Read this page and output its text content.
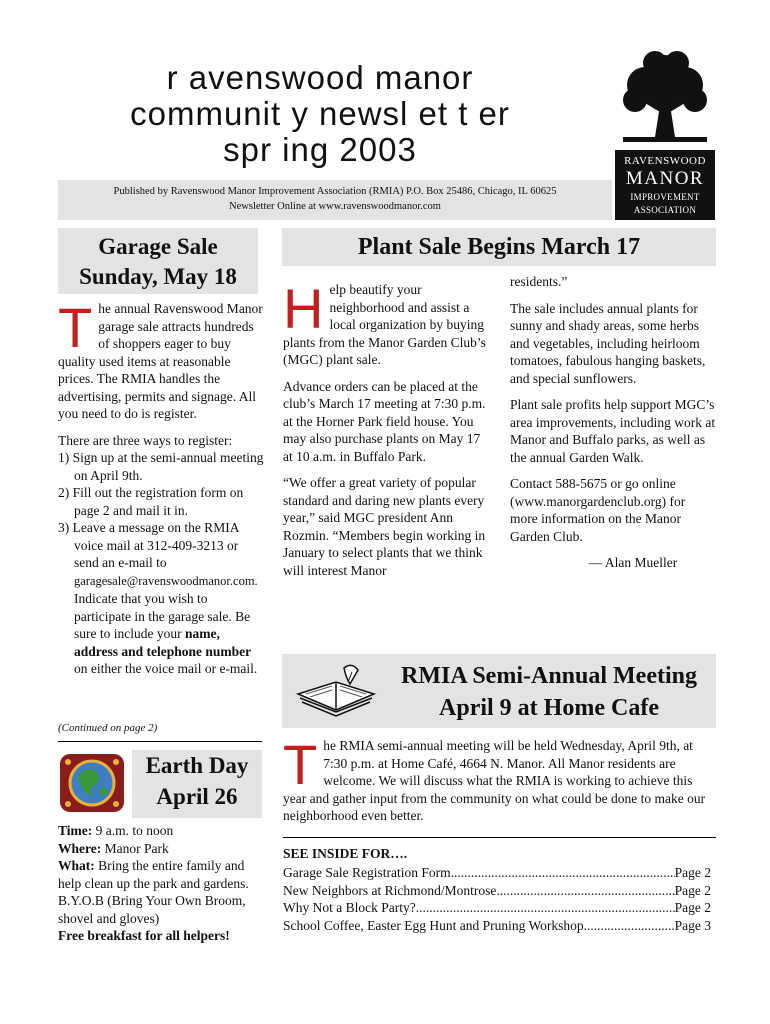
r avenswood manor
communit y newsl et t er
spr ing 2003	RAVENSWOOD
MANOR
IMPROVEMENT
ASSOCIATION
Published by Ravenswood Manor Improvement Association (RMIA) P.O. Box 25486, Chicago, IL 60625
Newsletter Online at www.ravenswoodmanor.com
Garage Sale
Sunday, May 18

The annual Ravenswood Manor garage sale attracts hundreds of shoppers eager to buy quality used items at reasonable prices. The RMIA handles the advertising, permits and signage. All you need to do is register.

There are three ways to register:

1) Sign up at the semi-annual meeting on April 9th.
2) Fill out the registration form on page 2 and mail it in.
3) Leave a message on the RMIA voice mail at 312-409-3213 or send an e-mail to garagesale@ravenswoodmanor.com. Indicate that you wish to participate in the garage sale. Be sure to include your name, address and telephone number on either the voice mail or e-mail.
(Continued on page 2)
Earth Day
April 26
Time: 9 a.m. to noon
Where: Manor Park
What: Bring the entire family and help clean up the park and gardens. B.Y.O.B (Bring Your Own Broom, shovel and gloves)
Free breakfast for all helpers!
Plant Sale Begins March 17

Help beautify your neighborhood and assist a local organization by buying plants from the Manor Garden Club’s (MGC) plant sale.

Advance orders can be placed at the club’s March 17 meeting at 7:30 p.m. at the Horner Park field house. You may also purchase plants on May 17 at 10 a.m. in Buffalo Park.

“We offer a great variety of popular standard and daring new plants every year,” said MGC president Ann Rozmin. “Members begin working in January to select plants that we think will interest Manor

residents.”

The sale includes annual plants for sunny and shady areas, some herbs and vegetables, including heirloom tomatoes, fabulous hanging baskets, and special sunflowers.

Plant sale profits help support MGC’s area improvements, including work at Manor and Buffalo parks, as well as the annual Garden Walk.

Contact 588-5675 or go online (www.manorgardenclub.org) for more information on the Manor Garden Club.

— Alan Mueller

RMIA Semi-Annual Meeting
April 9 at Home Cafe

The RMIA semi-annual meeting will be held Wednesday, April 9th, at 7:30 p.m. at Home Café, 4664 N. Manor. All Manor residents are welcome. We will discuss what the RMIA is working to achieve this year and gather input from the community on what could be done to make our neighborhood even better.

SEE INSIDE FOR….
Garage Sale Registration Form .....	Page 2
New Neighbors at Richmond/Montrose .....	Page 2
Why Not a Block Party? .....	Page 2
School Coffee, Easter Egg Hunt and Pruning Workshop .....	Page 3
